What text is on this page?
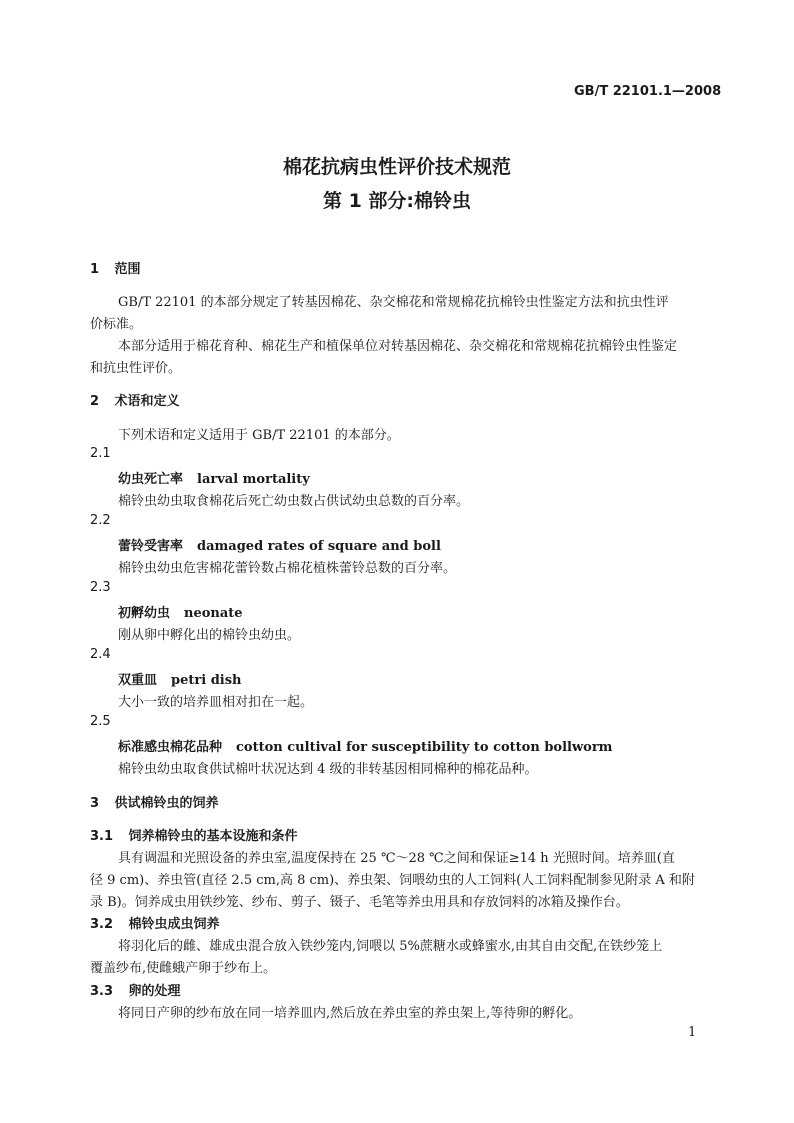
GB/T 22101.1—2008
棉花抗病虫性评价技术规范
第 1 部分:棉铃虫
1 范围
GB/T 22101 的本部分规定了转基因棉花、杂交棉花和常规棉花抗棉铃虫性鉴定方法和抗虫性评
价标准。
本部分适用于棉花育种、棉花生产和植保单位对转基因棉花、杂交棉花和常规棉花抗棉铃虫性鉴定
和抗虫性评价。
2 术语和定义
下列术语和定义适用于 GB/T 22101 的本部分。
2.1
幼虫死亡率 larval mortality
棉铃虫幼虫取食棉花后死亡幼虫数占供试幼虫总数的百分率。
2.2
蕾铃受害率 damaged rates of square and boll
棉铃虫幼虫危害棉花蕾铃数占棉花植株蕾铃总数的百分率。
2.3
初孵幼虫 neonate
刚从卵中孵化出的棉铃虫幼虫。
2.4
双重皿 petri dish
大小一致的培养皿相对扣在一起。
2.5
标准感虫棉花品种 cotton cultival for susceptibility to cotton bollworm
棉铃虫幼虫取食供试棉叶状况达到 4 级的非转基因相同棉种的棉花品种。
3 供试棉铃虫的饲养
3.1 饲养棉铃虫的基本设施和条件
具有调温和光照设备的养虫室,温度保持在 25 ℃～28 ℃之间和保证≥14 h 光照时间。培养皿(直
径 9 cm)、养虫管(直径 2.5 cm,高 8 cm)、养虫架、饲喂幼虫的人工饲料(人工饲料配制参见附录 A 和附
录 B)。饲养成虫用铁纱笼、纱布、剪子、镊子、毛笔等养虫用具和存放饲料的冰箱及操作台。
3.2 棉铃虫成虫饲养
将羽化后的雌、雄成虫混合放入铁纱笼内,饲喂以 5%蔗糖水或蜂蜜水,由其自由交配,在铁纱笼上
覆盖纱布,使雌蛾产卵于纱布上。
3.3 卵的处理
将同日产卵的纱布放在同一培养皿内,然后放在养虫室的养虫架上,等待卵的孵化。
1
